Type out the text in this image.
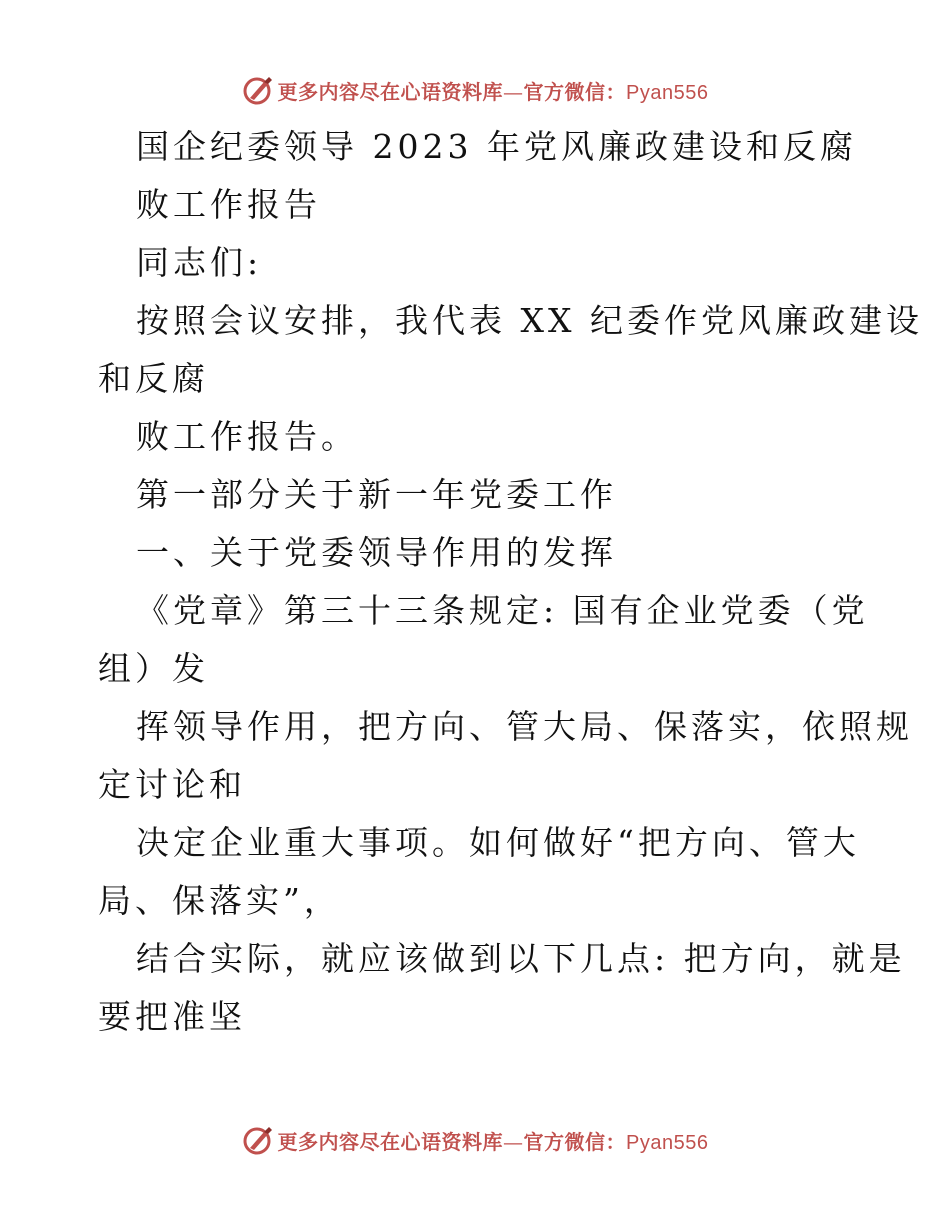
更多内容尽在心语资料库—官方微信：Pyan556
国企纪委领导 2023 年党风廉政建设和反腐
败工作报告
同志们:
按照会议安排，我代表 XX 纪委作党风廉政建设
和反腐
败工作报告。
第一部分关于新一年党委工作
一、关于党委领导作用的发挥
《党章》第三十三条规定: 国有企业党委（党
组）发
挥领导作用，把方向、管大局、保落实，依照规
定讨论和
决定企业重大事项。如何做好“把方向、管大
局、保落实”，
结合实际，就应该做到以下几点: 把方向，就是
要把准坚
更多内容尽在心语资料库—官方微信：Pyan556
